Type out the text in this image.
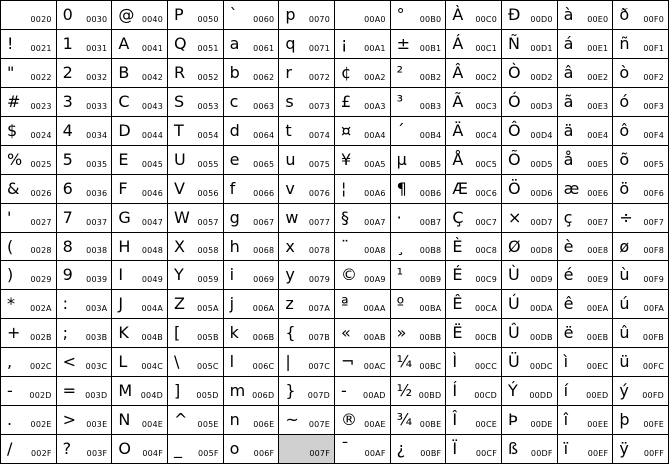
0020 0 0030 @ 0040 P 0050 ` 0060 p 0070	00A0 ° 00B0 À 00C0 Ð 00D0 à 00E0 ð 00F0
! 0021 1 0031 A 0041 Q 0051 a 0061 q 0071 ¡ 00A1 ± 00B1 Á 00C1 Ñ 00D1 á 00E1 ñ 00F1
" 0022 2 0032 B 0042 R 0052 b 0062 r 0072 ¢ 00A2 ² 00B2 Â 00C2 Ò 00D2 â 00E2 ò 00F2
# 0023 3 0033 C 0043 S 0053 c 0063 s 0073 £ 00A3 ³ 00B3 Ã 00C3 Ó 00D3 ã 00E3 ó 00F3
$ 0024 4 0034 D 0044 T 0054 d 0064 t 0074 ¤ 00A4 ´ 00B4 Ä 00C4 Ô 00D4 ä 00E4 ô 00F4
% 0025 5 0035 E 0045 U 0055 e 0065 u 0075 ¥ 00A5 µ 00B5 Å 00C5 Õ 00D5 å 00E5 õ 00F5
& 0026 6 0036 F 0046 V 0056 f 0066 v 0076 ¦ 00A6 ¶ 00B6 Æ 00C6 Ö 00D6 æ 00E6 ö 00F6
' 0027 7 0037 G 0047 W 0057 g 0067 w 0077 § 00A7 · 00B7 Ç 00C7 × 00D7 ç 00E7 ÷ 00F7
( 0028 8 0038 H 0048 X 0058 h 0068 x 0078 ¨ 00A8 ¸ 00B8 È 00C8 Ø 00D8 è 00E8 ø 00F8
) 0029 9 0039 I 0049 Y 0059 i 0069 y 0079 © 00A9 ¹ 00B9 É 00C9 Ù 00D9 é 00E9 ù 00F9
* 002A : 003A J 004A Z 005A j 006A z 007A ª 00AA º 00BA Ê 00CA Ú 00DA ê 00EA ú 00FA
+ 002B ; 003B K 004B [ 005B k 006B { 007B « 00AB » 00BB Ë 00CB Û 00DB ë 00EB û 00FB
, 002C < 003C L 004C \ 005C l 006C | 007C ¬ 00AC ¼ 00BC Ì 00CC Ü 00DC ì 00EC ü 00FC
- 002D = 003D M 004D ] 005D m 006D } 007D - 00AD ½ 00BD Í 00CD Ý 00DD í 00ED ý 00FD
. 002E > 003E N 004E ^ 005E n 006E ~ 007E ® 00AE ¾ 00BE Î 00CE Þ 00DE î 00EE þ 00FE
/ 002F ? 003F O 004F _ 005F o 006F	007F ¯ 00AF ¿ 00BF Ï 00CF ß 00DF ï 00EF ÿ 00FF
